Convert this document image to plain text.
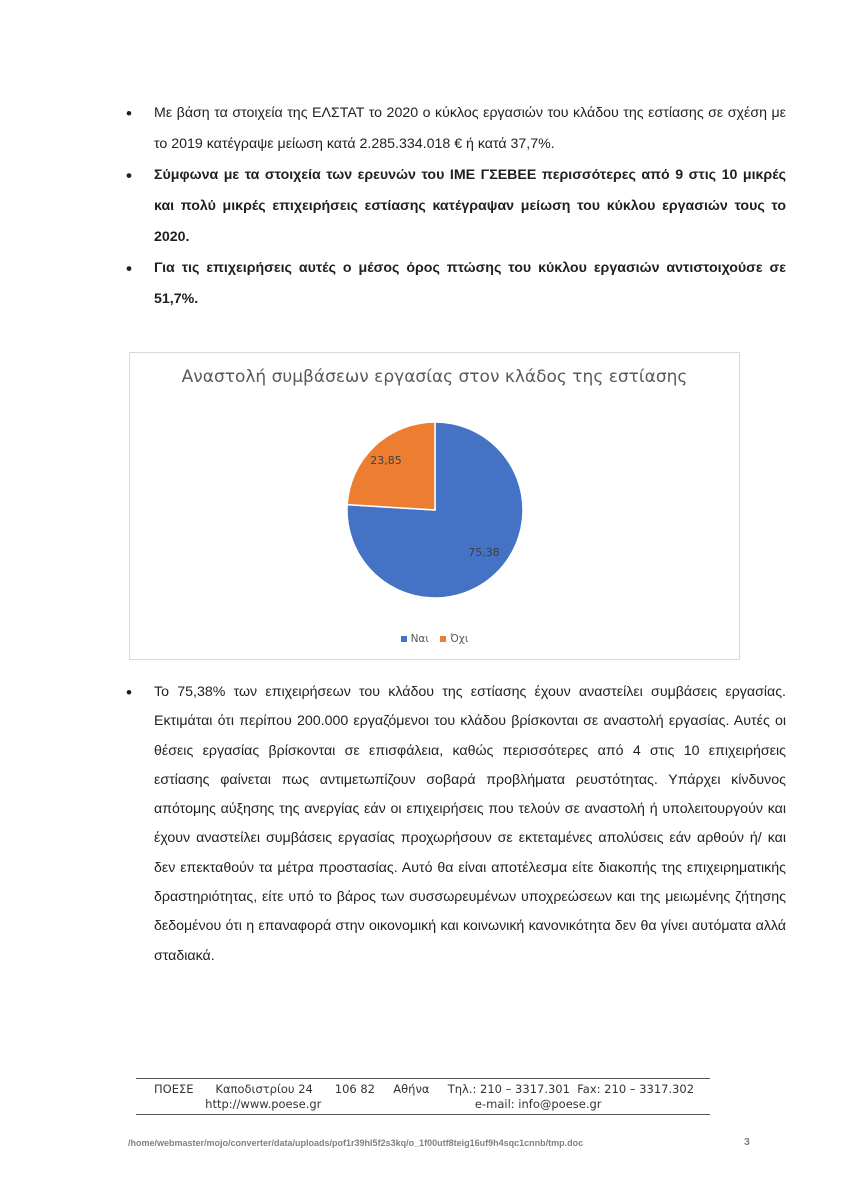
• Με βάση τα στοιχεία της ΕΛΣΤΑΤ το 2020 ο κύκλος εργασιών του κλάδου της εστίασης σε σχέση με το 2019 κατέγραψε μείωση κατά 2.285.334.018 € ή κατά 37,7%.
• Σύμφωνα με τα στοιχεία των ερευνών του ΙΜΕ ΓΣΕΒΕΕ περισσότερες από 9 στις 10 μικρές και πολύ μικρές επιχειρήσεις εστίασης κατέγραψαν μείωση του κύκλου εργασιών τους το 2020.
• Για τις επιχειρήσεις αυτές ο μέσος όρος πτώσης του κύκλου εργασιών αντιστοιχούσε σε 51,7%.
Αναστολή συμβάσεων εργασίας στον κλάδος της εστίασης
75,38
23,85
Ναι Όχι
• Το 75,38% των επιχειρήσεων του κλάδου της εστίασης έχουν αναστείλει συμβάσεις εργασίας. Εκτιμάται ότι περίπου 200.000 εργαζόμενοι του κλάδου βρίσκονται σε αναστολή εργασίας. Αυτές οι θέσεις εργασίας βρίσκονται σε επισφάλεια, καθώς περισσότερες από 4 στις 10 επιχειρήσεις εστίασης φαίνεται πως αντιμετωπίζουν σοβαρά προβλήματα ρευστότητας. Υπάρχει κίνδυνος απότομης αύξησης της ανεργίας εάν οι επιχειρήσεις που τελούν σε αναστολή ή υπολειτουργούν και έχουν αναστείλει συμβάσεις εργασίας προχωρήσουν σε εκτεταμένες απολύσεις εάν αρθούν ή/ και δεν επεκταθούν τα μέτρα προστασίας. Αυτό θα είναι αποτέλεσμα είτε διακοπής της επιχειρηματικής δραστηριότητας, είτε υπό το βάρος των συσσωρευμένων υποχρεώσεων και της μειωμένης ζήτησης δεδομένου ότι η επαναφορά στην οικονομική και κοινωνική κανονικότητα δεν θα γίνει αυτόματα αλλά σταδιακά.
ΠΟΕΣΕ      Καποδιστρίου 24      106 82     Αθήνα     Τηλ.: 210 – 3317.301  Fax: 210 – 3317.302
http://www.poese.gr                                          e-mail: info@poese.gr
/home/webmaster/mojo/converter/data/uploads/pof1r39hl5f2s3kq/o_1f00utf8teig16uf9h4sqc1cnnb/tmp.doc	3
